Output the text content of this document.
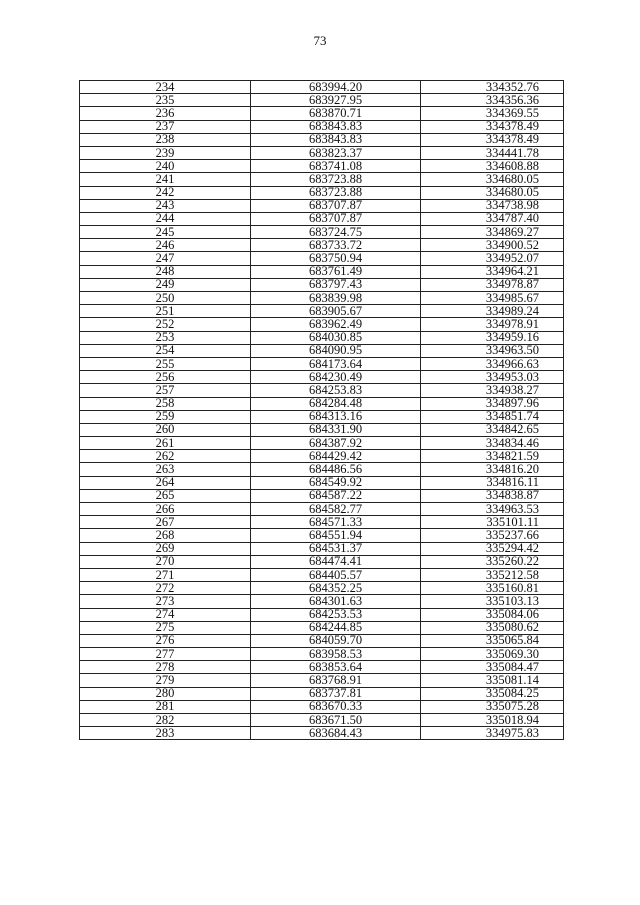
73
234	683994.20	334352.76
235	683927.95	334356.36
236	683870.71	334369.55
237	683843.83	334378.49
238	683843.83	334378.49
239	683823.37	334441.78
240	683741.08	334608.88
241	683723.88	334680.05
242	683723.88	334680.05
243	683707.87	334738.98
244	683707.87	334787.40
245	683724.75	334869.27
246	683733.72	334900.52
247	683750.94	334952.07
248	683761.49	334964.21
249	683797.43	334978.87
250	683839.98	334985.67
251	683905.67	334989.24
252	683962.49	334978.91
253	684030.85	334959.16
254	684090.95	334963.50
255	684173.64	334966.63
256	684230.49	334953.03
257	684253.83	334938.27
258	684284.48	334897.96
259	684313.16	334851.74
260	684331.90	334842.65
261	684387.92	334834.46
262	684429.42	334821.59
263	684486.56	334816.20
264	684549.92	334816.11
265	684587.22	334838.87
266	684582.77	334963.53
267	684571.33	335101.11
268	684551.94	335237.66
269	684531.37	335294.42
270	684474.41	335260.22
271	684405.57	335212.58
272	684352.25	335160.81
273	684301.63	335103.13
274	684253.53	335084.06
275	684244.85	335080.62
276	684059.70	335065.84
277	683958.53	335069.30
278	683853.64	335084.47
279	683768.91	335081.14
280	683737.81	335084.25
281	683670.33	335075.28
282	683671.50	335018.94
283	683684.43	334975.83
